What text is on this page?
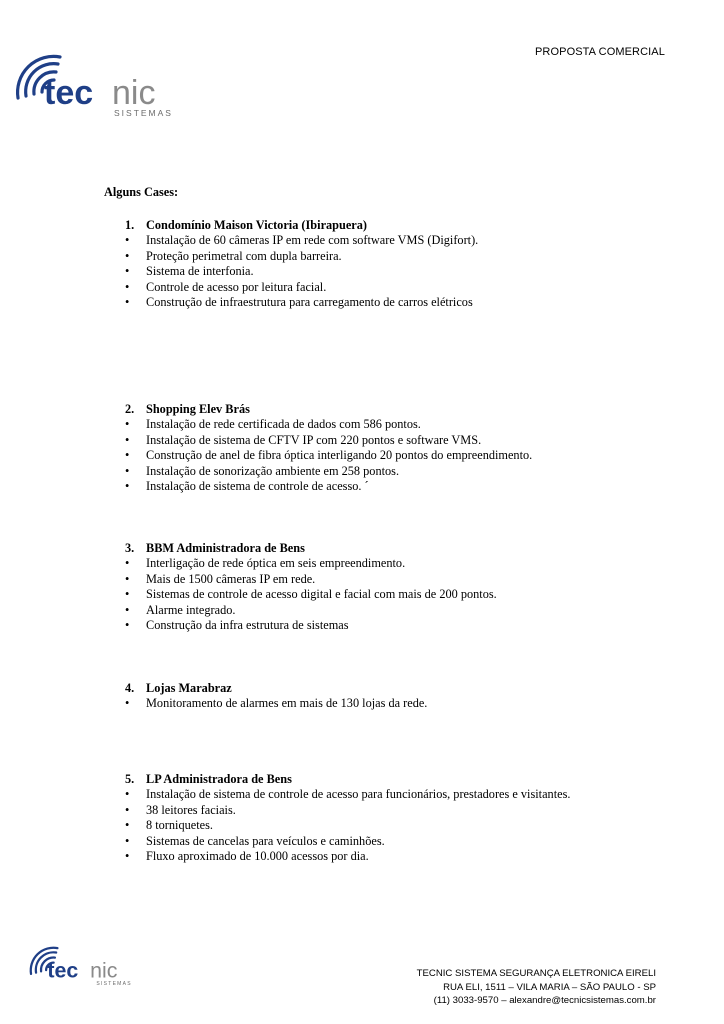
PROPOSTA COMERCIAL
tec nic
SISTEMAS
Alguns Cases:
1. Condomínio Maison Victoria (Ibirapuera)
• Instalação de 60 câmeras IP em rede com software VMS (Digifort).
• Proteção perimetral com dupla barreira.
• Sistema de interfonia.
• Controle de acesso por leitura facial.
• Construção de infraestrutura para carregamento de carros elétricos
2. Shopping Elev Brás
• Instalação de rede certificada de dados com 586 pontos.
• Instalação de sistema de CFTV IP com 220 pontos e software VMS.
• Construção de anel de fibra óptica interligando 20 pontos do empreendimento.
• Instalação de sonorização ambiente em 258 pontos.
• Instalação de sistema de controle de acesso. ´
3. BBM Administradora de Bens
• Interligação de rede óptica em seis empreendimento.
• Mais de 1500 câmeras IP em rede.
• Sistemas de controle de acesso digital e facial com mais de 200 pontos.
• Alarme integrado.
• Construção da infra estrutura de sistemas
4. Lojas Marabraz
• Monitoramento de alarmes em mais de 130 lojas da rede.
5. LP Administradora de Bens
• Instalação de sistema de controle de acesso para funcionários, prestadores e visitantes.
• 38 leitores faciais.
• 8 torniquetes.
• Sistemas de cancelas para veículos e caminhões.
• Fluxo aproximado de 10.000 acessos por dia.
tec nic
SISTEMAS
TECNIC SISTEMA SEGURANÇA ELETRONICA EIRELI
RUA ELI, 1511 – VILA MARIA – SÃO PAULO - SP
(11) 3033-9570 – alexandre@tecnicsistemas.com.br
